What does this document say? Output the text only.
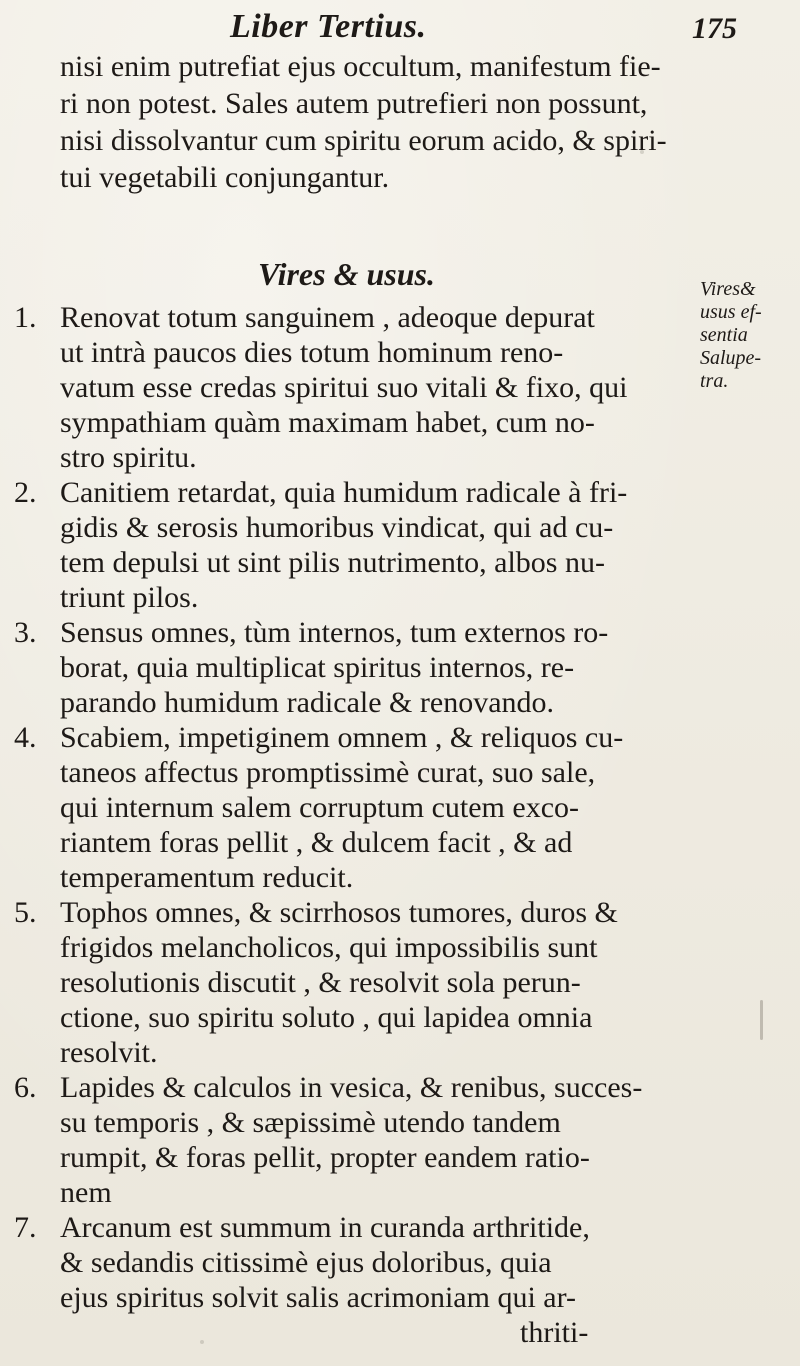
Liber Tertius.	175
nisi enim putrefiat ejus occultum, manifestum fie-
ri non potest. Sales autem putrefieri non possunt,
nisi dissolvantur cum spiritu eorum acido, & spiri-
tui vegetabili conjungantur.
Vires & usus.	Vires&
usus ef-
sentia
Salupe-
tra.
1. Renovat totum sanguinem , adeoque depurat
ut intrà paucos dies totum hominum reno-
vatum esse credas spiritui suo vitali & fixo, qui
sympathiam quàm maximam habet, cum no-
stro spiritu.
2. Canitiem retardat, quia humidum radicale à fri-
gidis & serosis humoribus vindicat, qui ad cu-
tem depulsi ut sint pilis nutrimento, albos nu-
triunt pilos.
3. Sensus omnes, tùm internos, tum externos ro-
borat, quia multiplicat spiritus internos, re-
parando humidum radicale & renovando.
4. Scabiem, impetiginem omnem , & reliquos cu-
taneos affectus promptissimè curat, suo sale,
qui internum salem corruptum cutem exco-
riantem foras pellit , & dulcem facit , & ad
temperamentum reducit.
5. Tophos omnes, & scirrhosos tumores, duros &
frigidos melancholicos, qui impossibilis sunt
resolutionis discutit , & resolvit sola perun-
ctione, suo spiritu soluto , qui lapidea omnia
resolvit.
6. Lapides & calculos in vesica, & renibus, succes-
su temporis , & sæpissimè utendo tandem
rumpit, & foras pellit, propter eandem ratio-
nem
7. Arcanum est summum in curanda arthritide,
& sedandis citissimè ejus doloribus, quia
ejus spiritus solvit salis acrimoniam qui ar-
thriti-
